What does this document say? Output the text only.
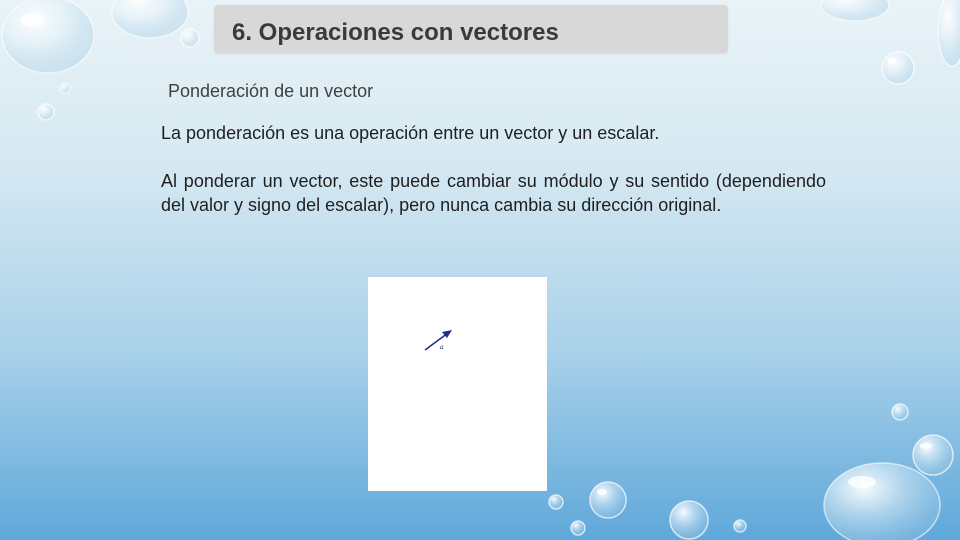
6. Operaciones con vectores
Ponderación de un vector
La ponderación es una operación entre un vector y un escalar.
Al ponderar un vector, este puede cambiar su módulo y su sentido (dependiendo del valor y signo del escalar), pero nunca cambia su dirección original.
a
